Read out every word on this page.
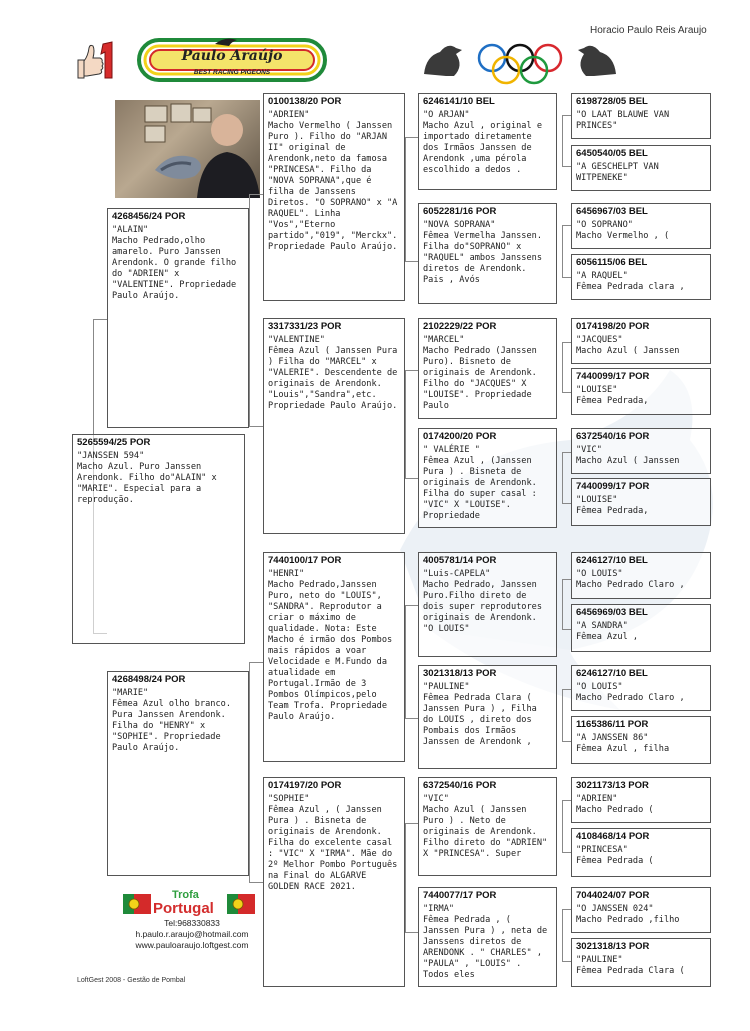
Horacio Paulo Reis Araujo
Paulo Araújo
BEST RACING PIGEONS
5265594/25 POR
"JANSSEN 594"
Macho Azul. Puro Janssen Arendonk. Filho do"ALAIN" x "MARIE". Especial para a reprodução.
4268456/24 POR
"ALAIN"
Macho Pedrado,olho amarelo. Puro Janssen Arendonk. O grande filho do "ADRIEN" x "VALENTINE". Propriedade Paulo Araújo.
4268498/24 POR
"MARIE"
Fêmea Azul olho branco. Pura Janssen Arendonk. Filha do "HENRY" x "SOPHIE". Propriedade Paulo Araújo.
0100138/20 POR
"ADRIEN"
Macho Vermelho ( Janssen Puro ). Filho do "ARJAN II" original de Arendonk,neto da famosa "PRINCESA". Filho da "NOVA SOPRANA",que é filha de Janssens Diretos. "O SOPRANO" x "A RAQUEL". Linha "Vos","Eterno partido","019", "Merckx". Propriedade Paulo Araújo.
3317331/23 POR
"VALENTINE"
Fêmea Azul ( Janssen Pura ) Filha do "MARCEL" x "VALERIE". Descendente de originais de Arendonk. "Louis","Sandra",etc. Propriedade Paulo Araújo.
7440100/17 POR
"HENRI"
Macho Pedrado,Janssen Puro, neto do "LOUIS", "SANDRA". Reprodutor a criar o máximo de qualidade. Nota: Este Macho é irmão dos Pombos mais rápidos a voar Velocidade e M.Fundo da atualidade em Portugal.Irmão de 3 Pombos Olímpicos,pelo Team Trofa. Propriedade Paulo Araújo.
0174197/20 POR
"SOPHIE"
Fêmea Azul , ( Janssen Pura ) . Bisneta de originais de Arendonk. Filha do excelente casal : "VIC" X "IRMA". Mãe do 2º Melhor Pombo Português na Final do ALGARVE GOLDEN RACE 2021.
6246141/10 BEL
"O ARJAN"
Macho Azul , original e importado diretamente dos Irmãos Janssen de Arendonk ,uma pérola escolhido a dedos .
6052281/16 POR
"NOVA SOPRANA"
Fêmea Vermelha Janssen. Filha do"SOPRANO" x "RAQUEL" ambos Janssens diretos de Arendonk. Pais , Avós
2102229/22 POR
"MARCEL"
Macho Pedrado (Janssen Puro). Bisneto de originais de Arendonk. Filho do "JACQUES" X "LOUISE". Propriedade Paulo
0174200/20 POR
" VALÉRIE "
Fêmea Azul , (Janssen Pura ) . Bisneta de originais de Arendonk. Filha do super casal : "VIC" X "LOUISE". Propriedade
4005781/14 POR
"Luis-CAPELA"
Macho Pedrado, Janssen Puro.Filho direto de dois super reprodutores originais de Arendonk. "O LOUIS"
3021318/13 POR
"PAULINE"
Fêmea Pedrada Clara ( Janssen Pura ) , Filha do LOUIS , direto dos Pombais dos Irmãos Janssen de Arendonk ,
6372540/16 POR
"VIC"
Macho Azul ( Janssen Puro ) . Neto de originais de Arendonk. Filho direto do "ADRIEN" X "PRINCESA". Super
7440077/17 POR
"IRMA"
Fêmea Pedrada , ( Janssen Pura ) , neta de Janssens diretos de ARENDONK . " CHARLES" , "PAULA" , "LOUIS" . Todos eles
6198728/05 BEL
"O LAAT BLAUWE VAN PRINCES"
6450540/05 BEL
"A GESCHELPT VAN WITPENEKE"
6456967/03 BEL
"O SOPRANO"
Macho Vermelho , (
6056115/06 BEL
"A RAQUEL"
Fêmea Pedrada clara ,
0174198/20 POR
"JACQUES"
Macho Azul ( Janssen
7440099/17 POR
"LOUISE"
Fêmea Pedrada,
6372540/16 POR
"VIC"
Macho Azul ( Janssen
7440099/17 POR
"LOUISE"
Fêmea Pedrada,
6246127/10 BEL
"O LOUIS"
Macho Pedrado Claro ,
6456969/03 BEL
"A SANDRA"
Fêmea Azul ,
6246127/10 BEL
"O LOUIS"
Macho Pedrado Claro ,
1165386/11 POR
"A JANSSEN 86"
Fêmea Azul , filha
3021173/13 POR
"ADRIEN"
Macho Pedrado (
4108468/14 POR
"PRINCESA"
Fêmea Pedrada (
7044024/07 POR
"O JANSSEN 024"
Macho Pedrado ,filho
3021318/13 POR
"PAULINE"
Fêmea Pedrada Clara (
Trofa
Portugal
Tel:968330833
h.paulo.r.araujo@hotmail.com
www.pauloaraujo.loftgest.com
LoftGest 2008 - Gestão de Pombal
